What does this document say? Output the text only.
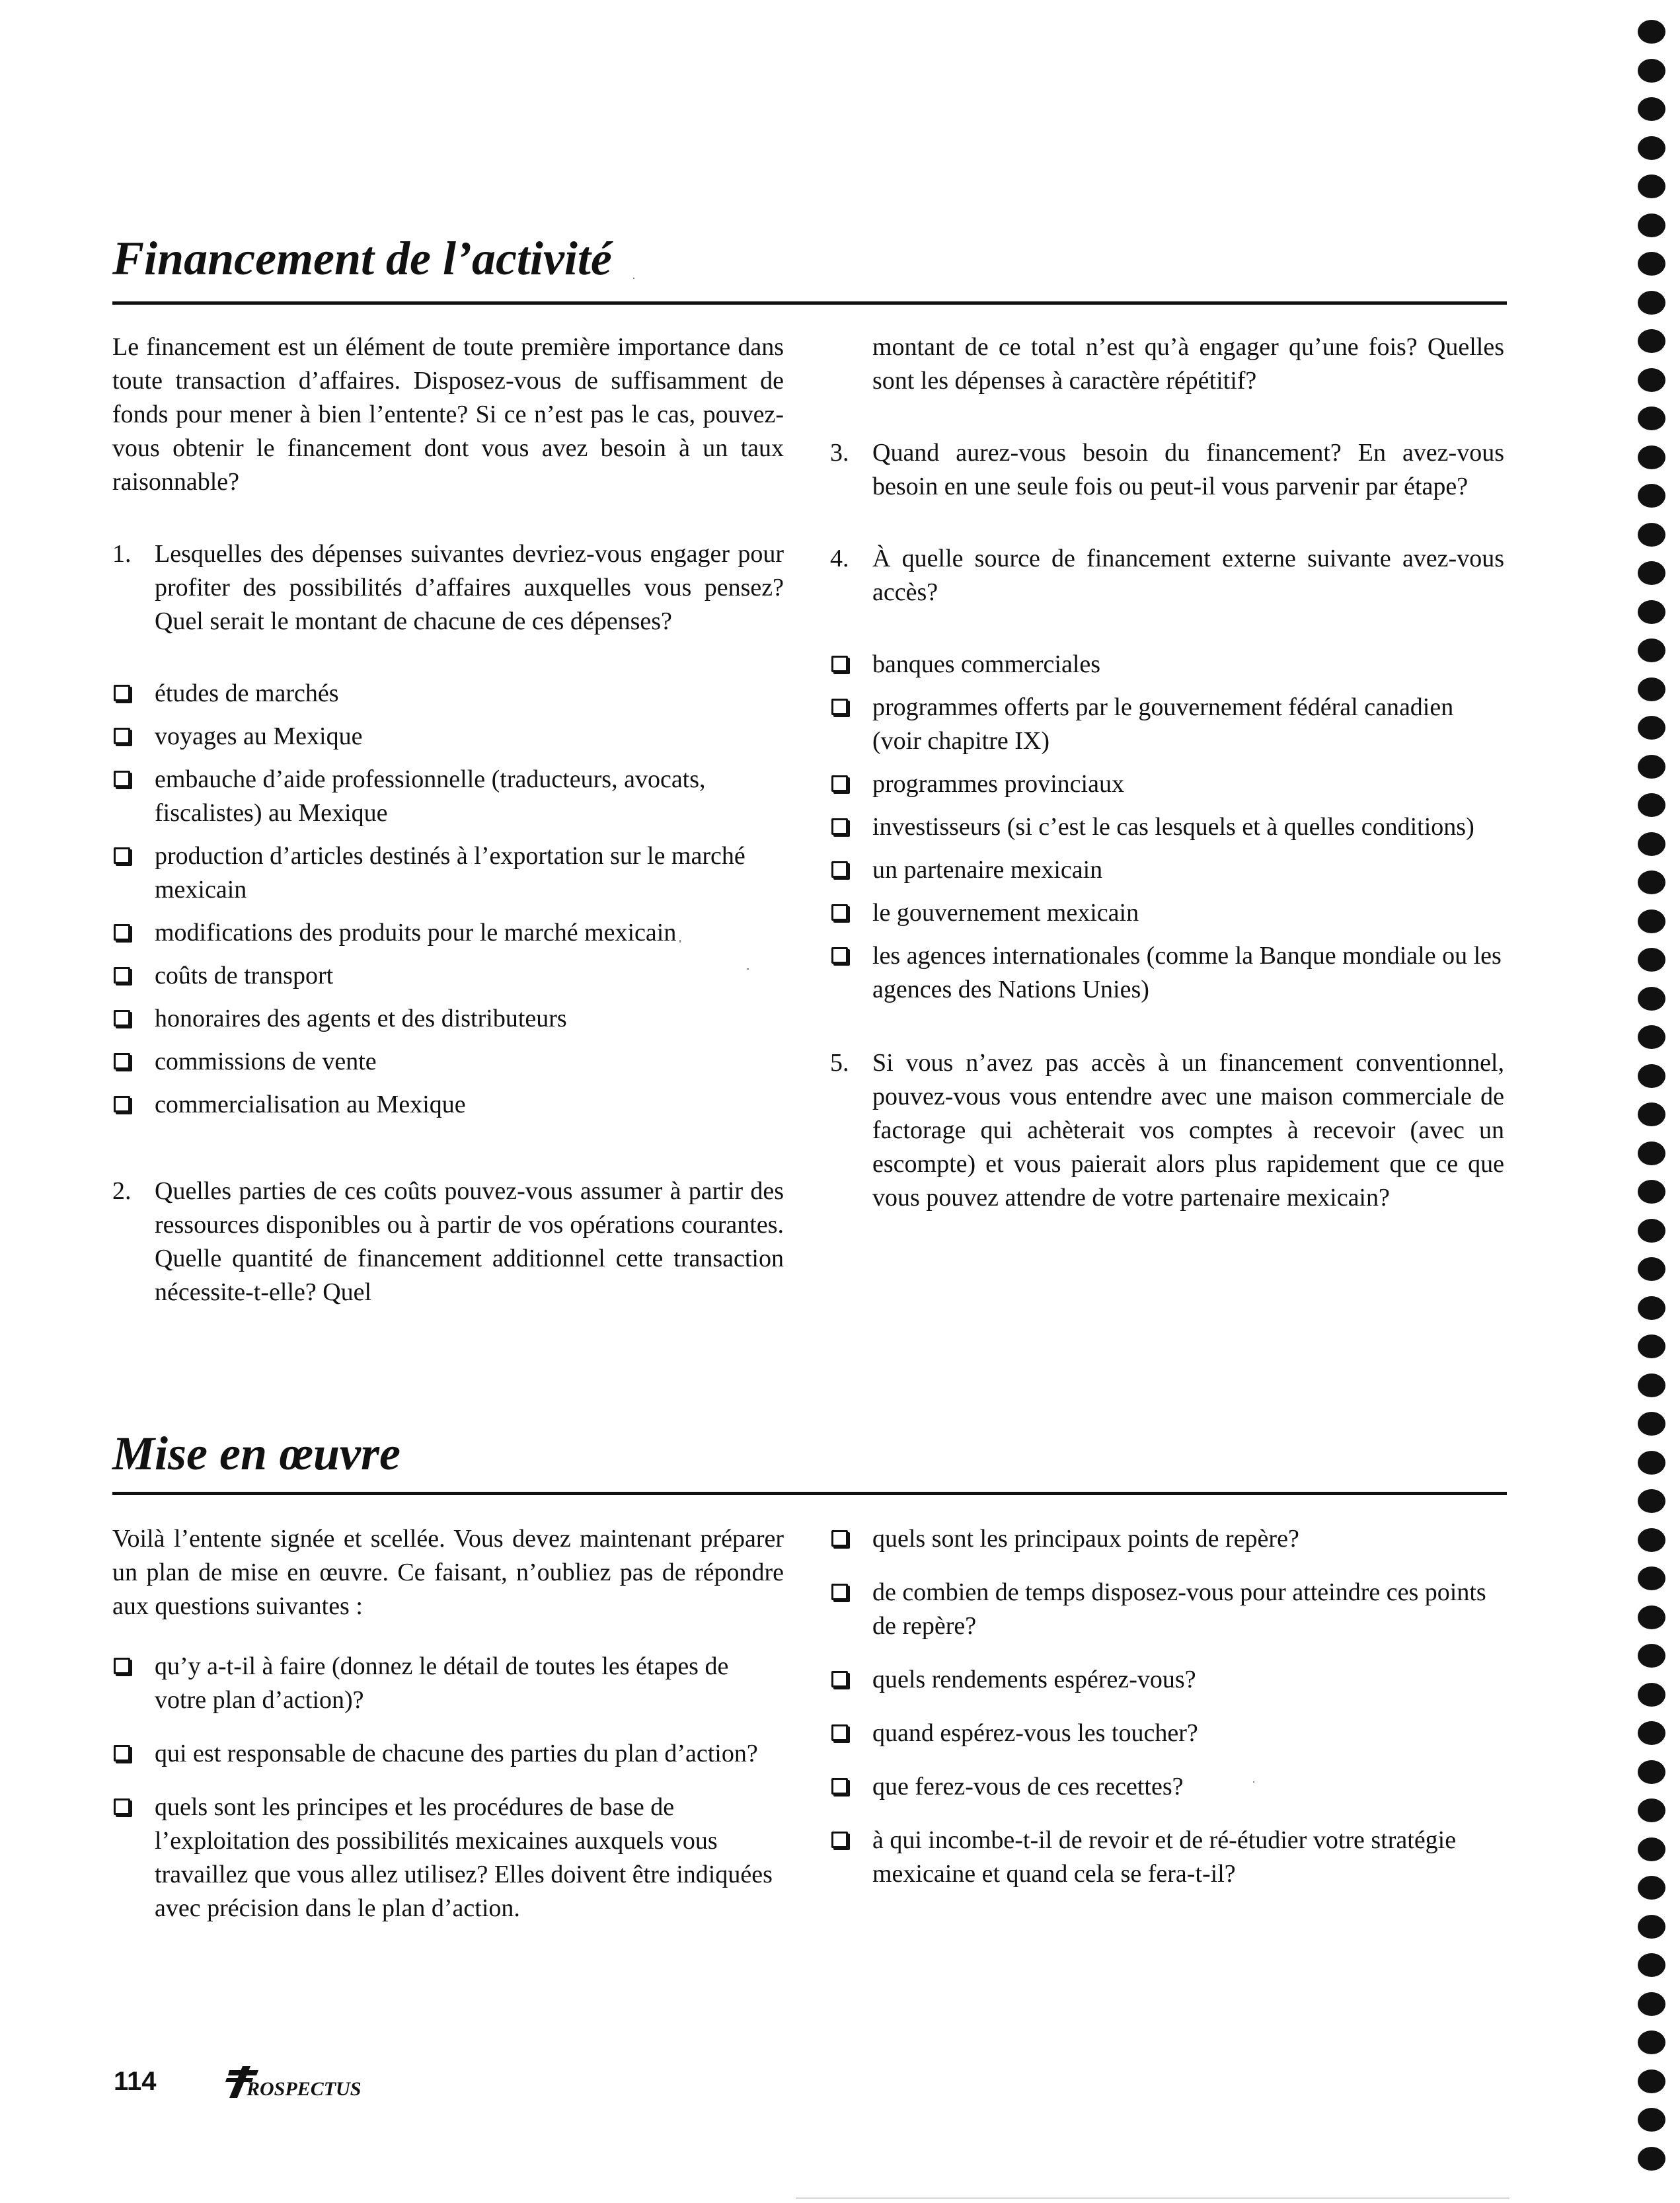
Financement de l’activité

Le financement est un élément de toute première importance dans toute transaction d’affaires. Disposez-vous de suffisamment de fonds pour mener à bien l’entente? Si ce n’est pas le cas, pouvez-vous obtenir le financement dont vous avez besoin à un taux raisonnable?

1. Lesquelles des dépenses suivantes devriez-vous engager pour profiter des possibilités d’affaires auxquelles vous pensez? Quel serait le montant de chacune de ces dépenses?

études de marchés
voyages au Mexique
embauche d’aide professionnelle (traducteurs, avocats, fiscalistes) au Mexique
production d’articles destinés à l’exportation sur le marché mexicain
modifications des produits pour le marché mexicain
coûts de transport
honoraires des agents et des distributeurs
commissions de vente
commercialisation au Mexique

2. Quelles parties de ces coûts pouvez-vous assumer à partir des ressources disponibles ou à partir de vos opérations courantes. Quelle quantité de financement additionnel cette transaction nécessite-t-elle? Quel

montant de ce total n’est qu’à engager qu’une fois? Quelles sont les dépenses à caractère répétitif?

3. Quand aurez-vous besoin du financement? En avez-vous besoin en une seule fois ou peut-il vous parvenir par étape?

4. À quelle source de financement externe suivante avez-vous accès?

banques commerciales
programmes offerts par le gouvernement fédéral canadien (voir chapitre IX)
programmes provinciaux
investisseurs (si c’est le cas lesquels et à quelles conditions)
un partenaire mexicain
le gouvernement mexicain
les agences internationales (comme la Banque mondiale ou les agences des Nations Unies)

5. Si vous n’avez pas accès à un financement conventionnel, pouvez-vous vous entendre avec une maison commerciale de factorage qui achèterait vos comptes à recevoir (avec un escompte) et vous paierait alors plus rapidement que ce que vous pouvez attendre de votre partenaire mexicain?

Mise en œuvre

Voilà l’entente signée et scellée. Vous devez maintenant préparer un plan de mise en œuvre. Ce faisant, n’oubliez pas de répondre aux questions suivantes :

qu’y a-t-il à faire (donnez le détail de toutes les étapes de votre plan d’action)?
qui est responsable de chacune des parties du plan d’action?
quels sont les principes et les procédures de base de l’exploitation des possibilités mexicaines auxquels vous travaillez que vous allez utilisez? Elles doivent être indiquées avec précision dans le plan d’action.
quels sont les principaux points de repère?
de combien de temps disposez-vous pour atteindre ces points de repère?
quels rendements espérez-vous?
quand espérez-vous les toucher?
que ferez-vous de ces recettes?
à qui incombe-t-il de revoir et de ré-étudier votre stratégie mexicaine et quand cela se fera-t-il?

114	ROSPECTUS
